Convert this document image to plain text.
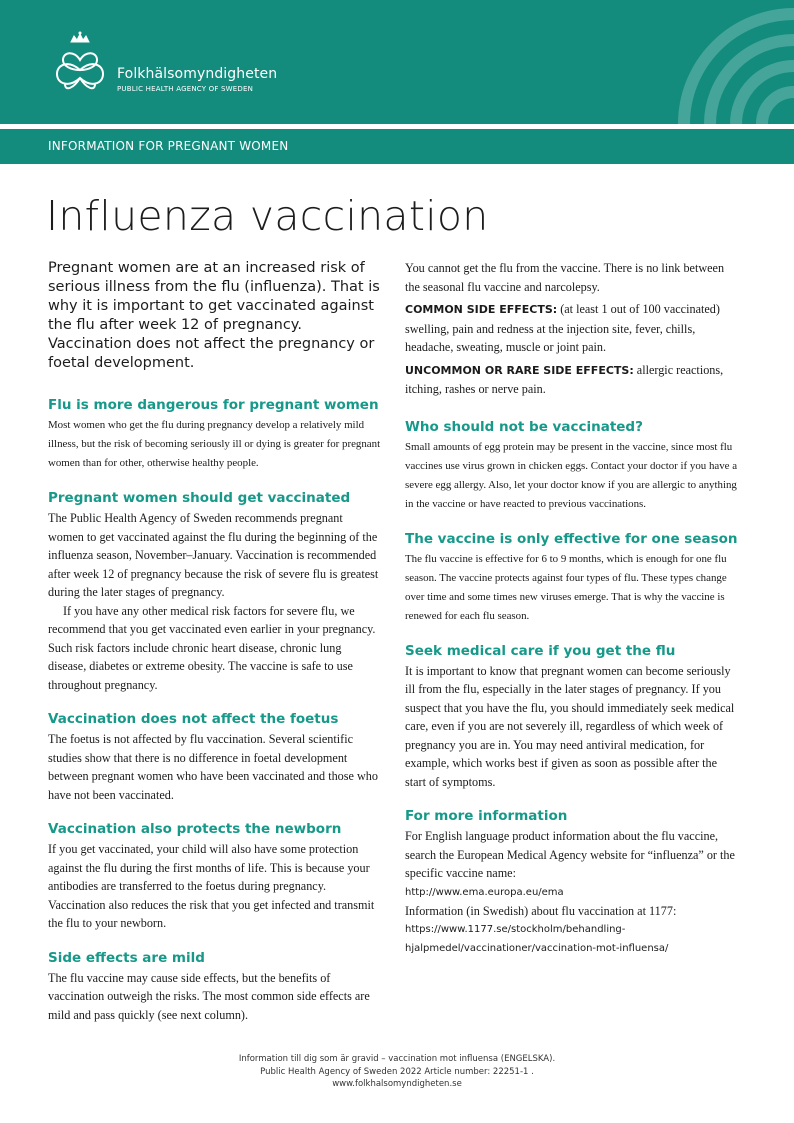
Folkhälsomyndigheten
PUBLIC HEALTH AGENCY OF SWEDEN
INFORMATION FOR PREGNANT WOMEN
Influenza vaccination

Pregnant women are at an increased risk of serious illness from the flu (influenza). That is why it is important to get vaccinated against the flu after week 12 of pregnancy. Vaccination does not affect the pregnancy or foetal development.

Flu is more dangerous for pregnant women

Most women who get the flu during pregnancy develop a relatively mild illness, but the risk of becoming seriously ill or dying is greater for pregnant women than for other, otherwise healthy people.

Pregnant women should get vaccinated

The Public Health Agency of Sweden recommends pregnant women to get vaccinated against the flu during the beginning of the influenza season, November–January. Vaccination is recommended after week 12 of pregnancy because the risk of severe flu is greatest during the later stages of pregnancy.

If you have any other medical risk factors for severe flu, we recommend that you get vaccinated even earlier in your pregnancy. Such risk factors include chronic heart disease, chronic lung disease, diabetes or extreme obesity. The vaccine is safe to use throughout pregnancy.

Vaccination does not affect the foetus

The foetus is not affected by flu vaccination. Several scientific studies show that there is no difference in foetal development between pregnant women who have been vaccinated and those who have not been vaccinated.

Vaccination also protects the newborn

If you get vaccinated, your child will also have some protection against the flu during the first months of life. This is because your antibodies are transferred to the foetus during pregnancy. Vaccination also reduces the risk that you get infected and transmit the flu to your newborn.

Side effects are mild

The flu vaccine may cause side effects, but the benefits of vaccination outweigh the risks. The most common side effects are mild and pass quickly (see next column).

You cannot get the flu from the vaccine. There is no link between the seasonal flu vaccine and narcolepsy.

COMMON SIDE EFFECTS: (at least 1 out of 100 vaccinated) swelling, pain and redness at the injection site, fever, chills, headache, sweating, muscle or joint pain.

UNCOMMON OR RARE SIDE EFFECTS: allergic reactions, itching, rashes or nerve pain.

Who should not be vaccinated?

Small amounts of egg protein may be present in the vaccine, since most flu vaccines use virus grown in chicken eggs. Contact your doctor if you have a severe egg allergy. Also, let your doctor know if you are allergic to anything in the vaccine or have reacted to previous vaccinations.

The vaccine is only effective for one season

The flu vaccine is effective for 6 to 9 months, which is enough for one flu season. The vaccine protects against four types of flu. These types change over time and some times new viruses emerge. That is why the vaccine is renewed for each flu season.

Seek medical care if you get the flu

It is important to know that pregnant women can become seriously ill from the flu, especially in the later stages of pregnancy. If you suspect that you have the flu, you should immediately seek medical care, even if you are not severely ill, regardless of which week of pregnancy you are in. You may need antiviral medication, for example, which works best if given as soon as possible after the start of symptoms.

For more information

For English language product information about the flu vaccine, search the European Medical Agency website for “influenza” or the specific vaccine name:

http://www.ema.europa.eu/ema

Information (in Swedish) about flu vaccination at 1177:

https://www.1177.se/stockholm/behandling-hjalpmedel/vaccinationer/vaccination-mot-influensa/

Information till dig som är gravid – vaccination mot influensa (ENGELSKA).
Public Health Agency of Sweden 2022 Article number: 22251-1 .
www.folkhalsomyndigheten.se
